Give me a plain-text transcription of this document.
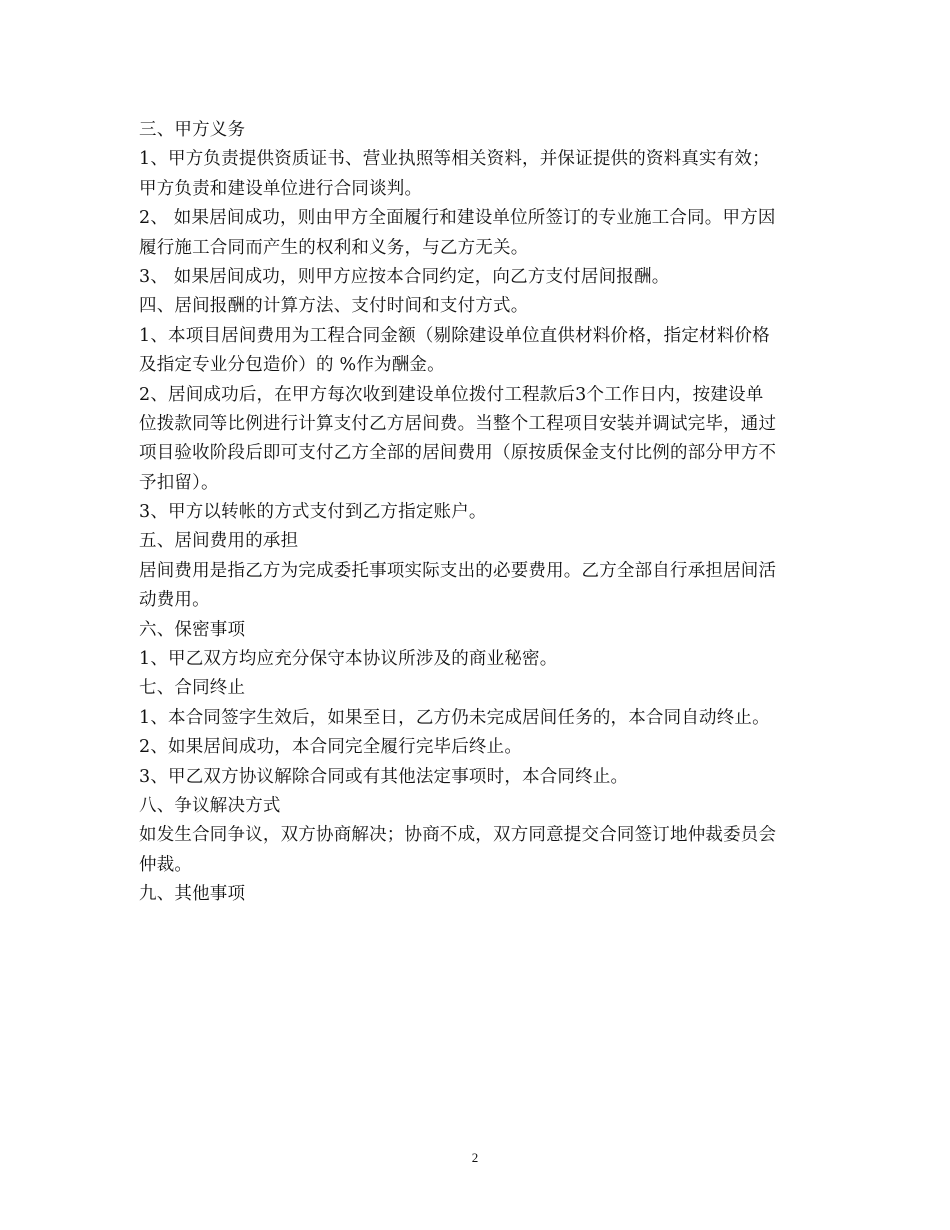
三、甲方义务

1、甲方负责提供资质证书、营业执照等相关资料，并保证提供的资料真实有效；

甲方负责和建设单位进行合同谈判。

2、 如果居间成功，则由甲方全面履行和建设单位所签订的专业施工合同。甲方因

履行施工合同而产生的权利和义务，与乙方无关。

3、 如果居间成功，则甲方应按本合同约定，向乙方支付居间报酬。

四、居间报酬的计算方法、支付时间和支付方式。

1、本项目居间费用为工程合同金额（剔除建设单位直供材料价格，指定材料价格

及指定专业分包造价）的 %作为酬金。

2、居间成功后，在甲方每次收到建设单位拨付工程款后3个工作日内，按建设单

位拨款同等比例进行计算支付乙方居间费。当整个工程项目安装并调试完毕，通过

项目验收阶段后即可支付乙方全部的居间费用（原按质保金支付比例的部分甲方不

予扣留）。

3、甲方以转帐的方式支付到乙方指定账户。

五、居间费用的承担

居间费用是指乙方为完成委托事项实际支出的必要费用。乙方全部自行承担居间活

动费用。

六、保密事项

1、甲乙双方均应充分保守本协议所涉及的商业秘密。

七、合同终止

1、本合同签字生效后，如果至日，乙方仍未完成居间任务的，本合同自动终止。

2、如果居间成功，本合同完全履行完毕后终止。

3、甲乙双方协议解除合同或有其他法定事项时，本合同终止。

八、争议解决方式

如发生合同争议，双方协商解决；协商不成，双方同意提交合同签订地仲裁委员会

仲裁。

九、其他事项

2
